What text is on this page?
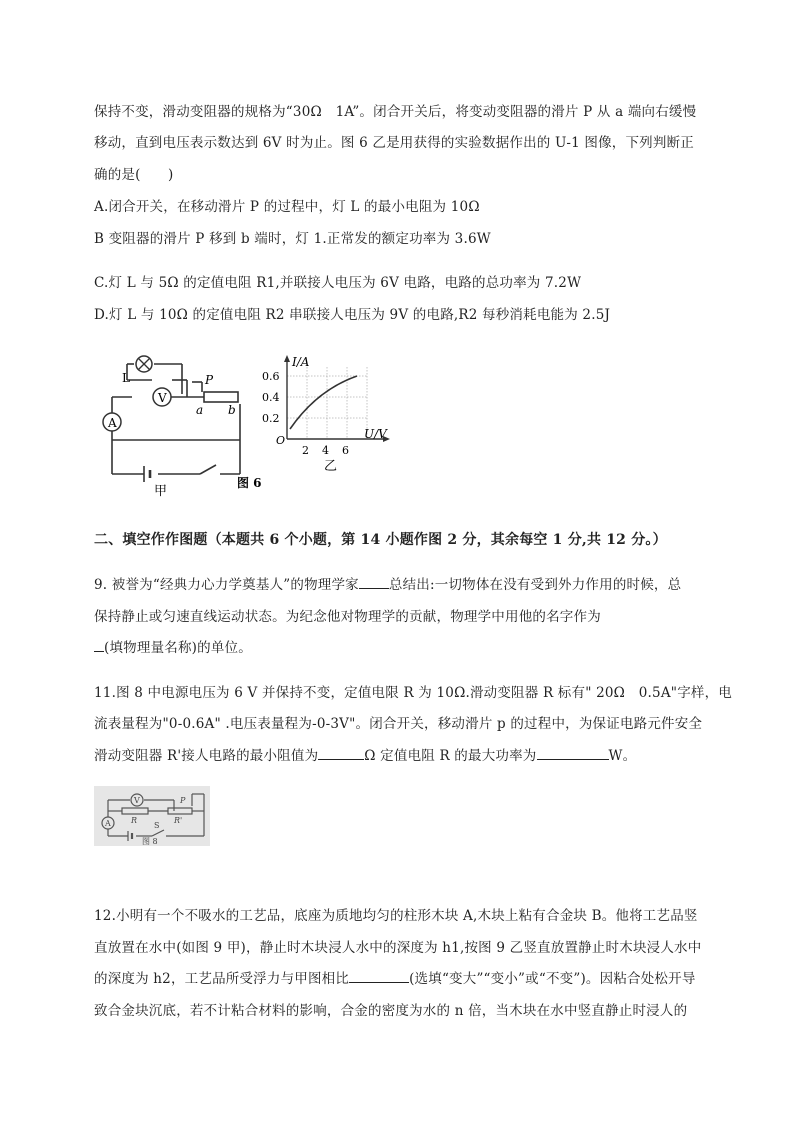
保持不变，滑动变阻器的规格为“30Ω　1A”。闭合开关后，将变动变阻器的滑片 P 从 a 端向右缓慢
移动，直到电压表示数达到 6V 时为止。图 6 乙是用获得的实验数据作出的 U-1 图像，下列判断正
确的是(　　)
A.闭合开关，在移动滑片 P 的过程中，灯 L 的最小电阻为 10Ω
B 变阻器的滑片 P 移到 b 端时，灯 1.正常发的额定功率为 3.6W
C.灯 L 与 5Ω 的定值电阻 R1,并联接人电压为 6V 电路，电路的总功率为 7.2W
D.灯 L 与 10Ω 的定值电阻 R2 串联接人电压为 9V 的电路,R2 每秒消耗电能为 2.5J
V
A
L	P
a b
甲
I/A
U/V
0.6
0.4
0.2
O
2 4 6
乙
图 6
二、填空作作图题（本题共 6 个小题，第 14 小题作图 2 分，其余每空 1 分,共 12 分。）
9. 被誉为“经典力心力学奠基人”的物理学家 总结出:一切物体在没有受到外力作用的时候，总
保持静止或匀速直线运动状态。为纪念他对物理学的贡献，物理学中用他的名字作为
(填物理量名称)的单位。
11.图 8 中电源电压为 6 V 并保持不变，定值电限 R 为 10Ω.滑动变阻器 R 标有" 20Ω　0.5A"字样，电
流表量程为"0-0.6A" .电压表量程为-0-3V"。闭合开关，移动滑片 p 的过程中，为保证电路元件安全
滑动变阻器 R'接人电路的最小阻值为	Ω 定值电阻 R 的最大功率为	W。
V
A	R	R'
P
S
图 8
12.小明有一个不吸水的工艺品，底座为质地均匀的柱形木块 A,木块上粘有合金块 B。他将工艺品竖
直放置在水中(如图 9 甲)，静止时木块浸人水中的深度为 h1,按图 9 乙竖直放置静止时木块浸人水中
的深度为 h2，工艺品所受浮力与甲图相比	(选填“变大”“变小”或“不变”)。因粘合处松开导
致合金块沉底，若不计粘合材料的影响，合金的密度为水的 n 倍，当木块在水中竖直静止时浸人的
